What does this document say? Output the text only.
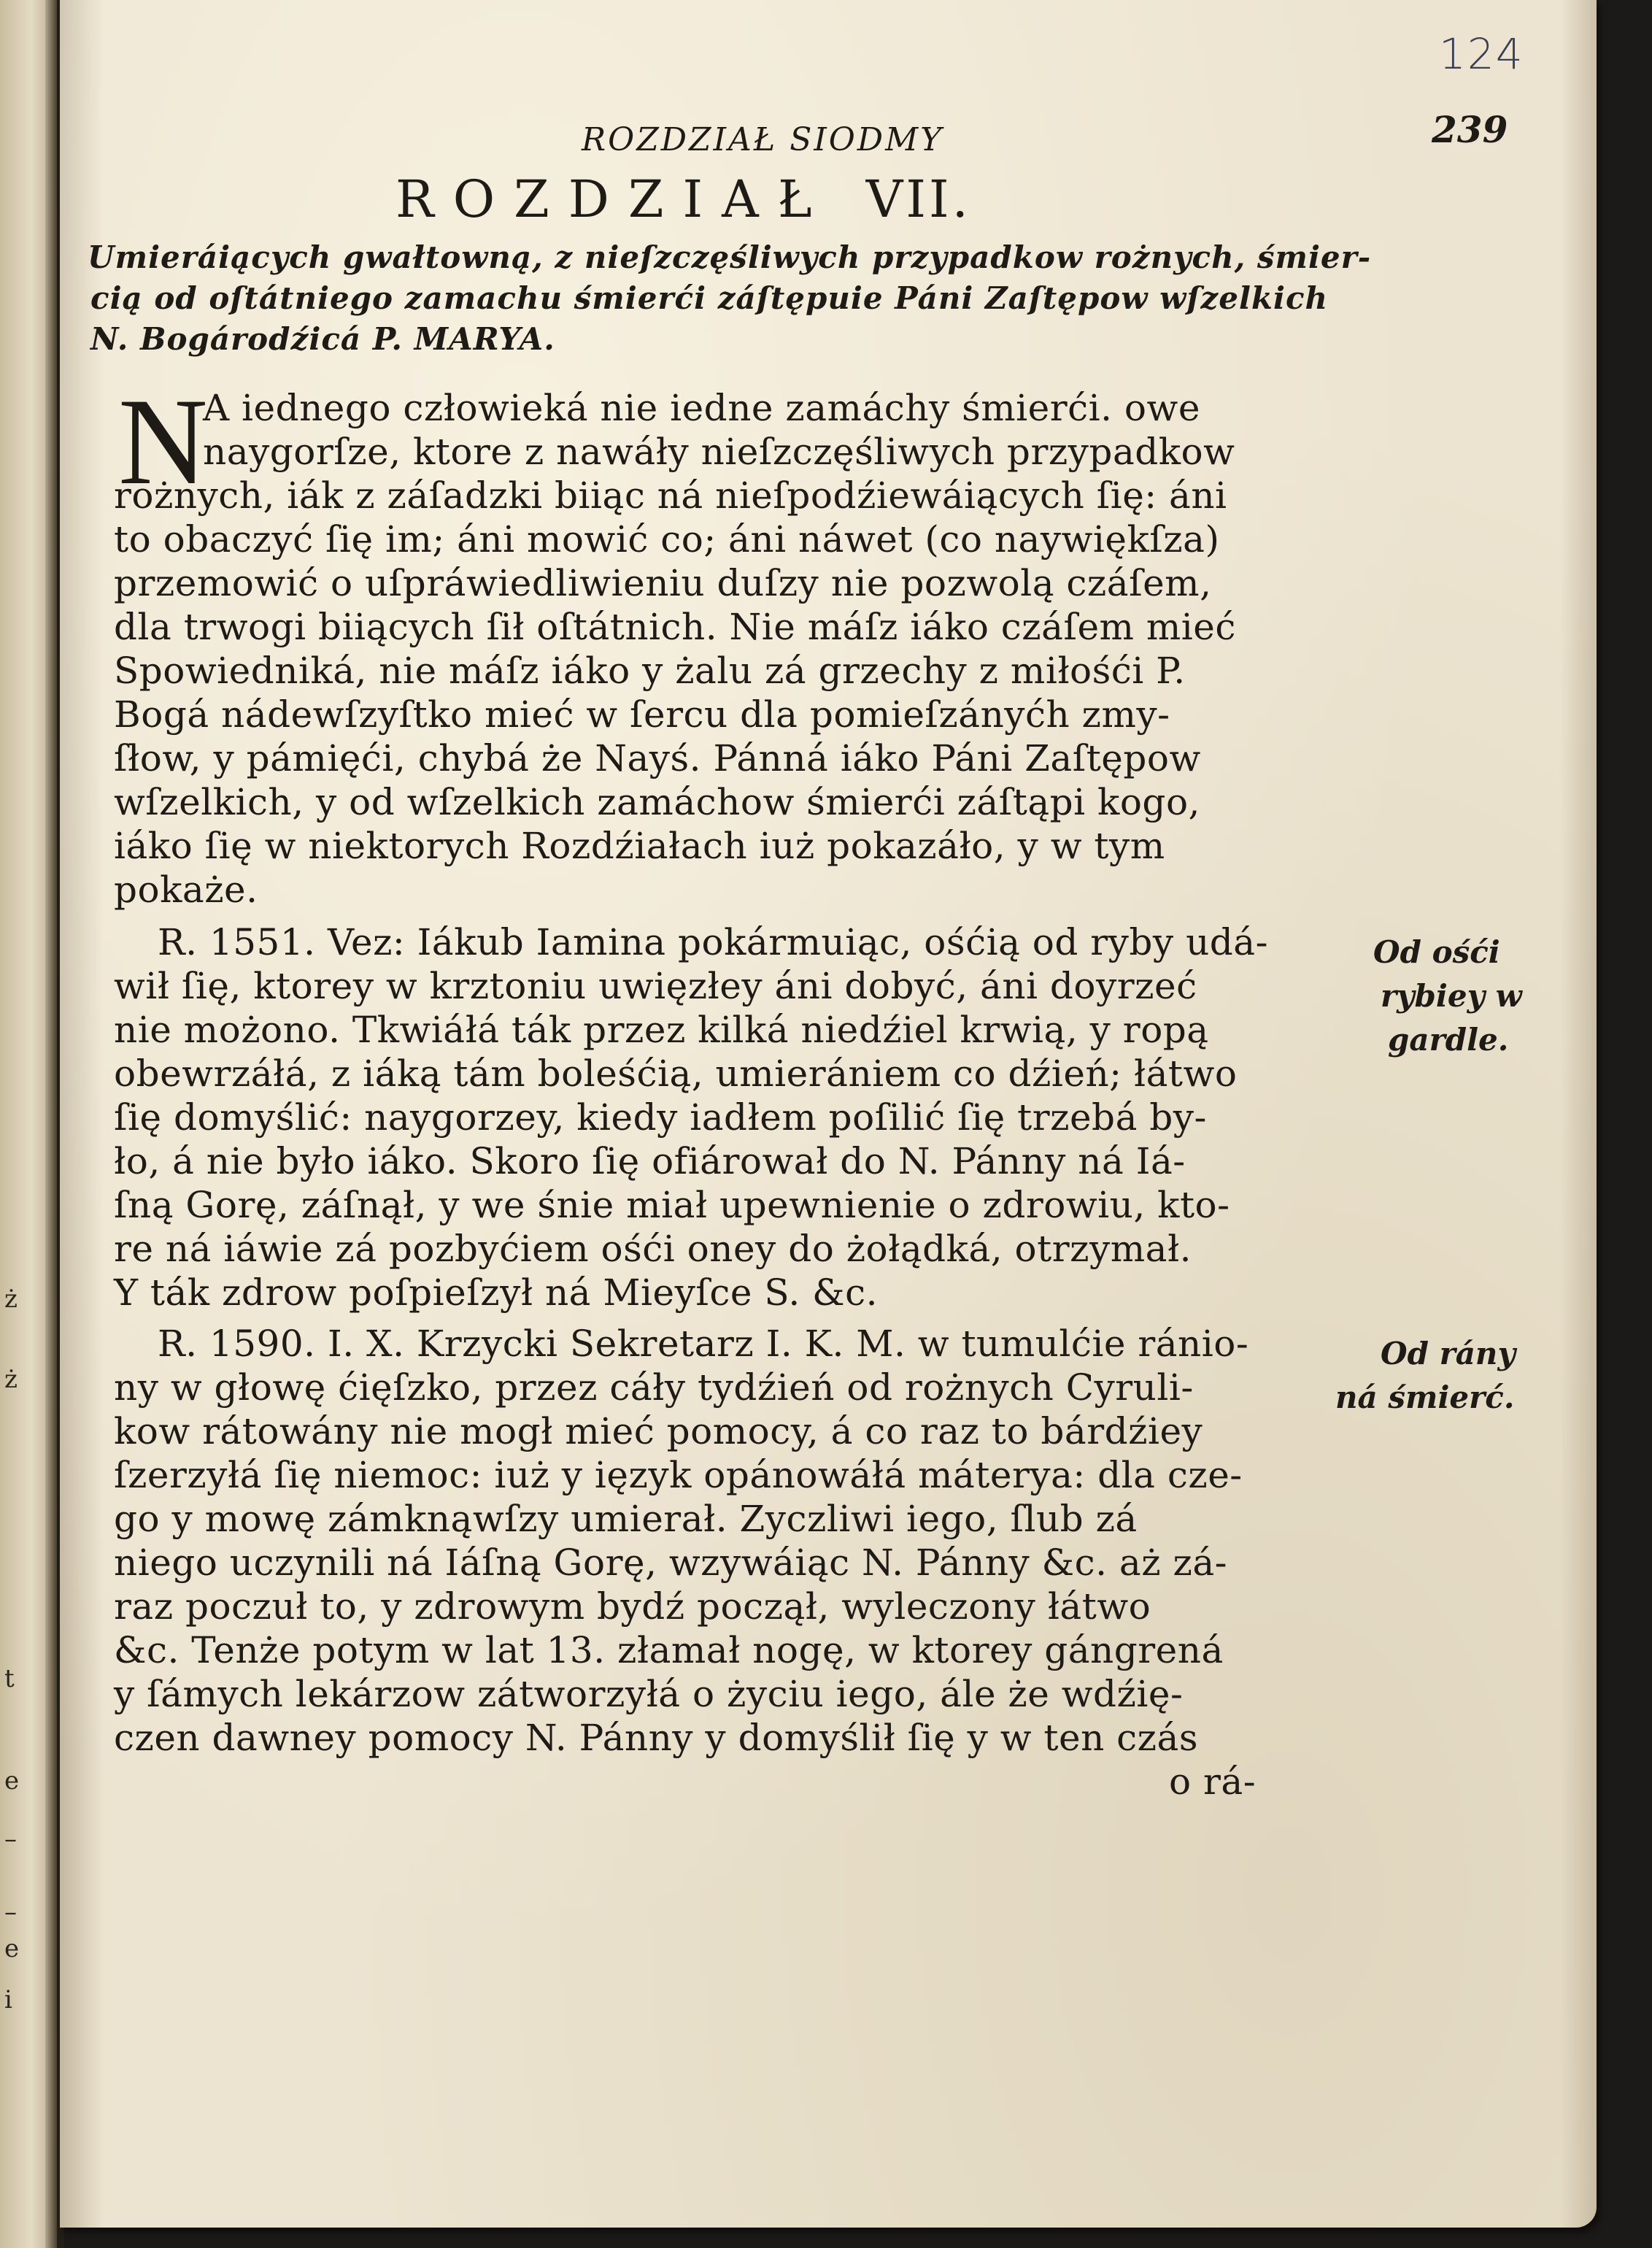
ż
ż
t
e
–
–
e
i
124
239
ROZDZIAŁ SIODMY
ROZDZIAŁ VII.
Umieráiących gwałtowną, z nieſzczęśliwych przypadkow rożnych, śmier-
cią od oſtátniego zamachu śmierći záſtępuie Páni Zaſtępow wſzelkich
N. Bogárodźicá P. MARYA.
N
A iednego człowieká nie iedne zamáchy śmierći. owe
naygorſze, ktore z nawáły nieſzczęśliwych przypadkow
rożnych, iák z záſadzki biiąc ná nieſpodźiewáiących ſię: áni
to obaczyć ſię im; áni mowić co; áni náwet (co naywiękſza)
przemowić o uſpráwiedliwieniu duſzy nie pozwolą czáſem,
dla trwogi biiących ſił oſtátnich. Nie máſz iáko czáſem mieć
Spowiedniká, nie máſz iáko y żalu zá grzechy z miłośći P.
Bogá nádewſzyſtko mieć w ſercu dla pomieſzányćh zmy-
ſłow, y pámięći, chybá że Nayś. Pánná iáko Páni Zaſtępow
wſzelkich, y od wſzelkich zamáchow śmierći záſtąpi kogo,
iáko ſię w niektorych Rozdźiałach iuż pokazáło, y w tym
pokaże.
R. 1551. Vez: Iákub Iamina pokármuiąc, ośćią od ryby udá-
wił ſię, ktorey w krztoniu uwięzłey áni dobyć, áni doyrzeć
nie możono. Tkwiáłá ták przez kilká niedźiel krwią, y ropą
obewrzáłá, z iáką tám boleśćią, umierániem co dźień; łátwo
ſię domyślić: naygorzey, kiedy iadłem poſilić ſię trzebá by-
ło, á nie było iáko. Skoro ſię ofiárował do N. Pánny ná Iá-
ſną Gorę, záſnął, y we śnie miał upewnienie o zdrowiu, kto-
re ná iáwie zá pozbyćiem ośći oney do żołądká, otrzymał.
Y ták zdrow poſpieſzył ná Mieyſce S. &c.
R. 1590. I. X. Krzycki Sekretarz I. K. M. w tumulćie ránio-
ny w głowę ćięſzko, przez cáły tydźień od rożnych Cyruli-
kow rátowány nie mogł mieć pomocy, á co raz to bárdźiey
ſzerzyłá ſię niemoc: iuż y ięzyk opánowáłá máterya: dla cze-
go y mowę zámknąwſzy umierał. Zyczliwi iego, ſlub zá
niego uczynili ná Iáſną Gorę, wzywáiąc N. Pánny &c. aż zá-
raz poczuł to, y zdrowym bydź począł, wyleczony łátwo
&c. Tenże potym w lat 13. złamał nogę, w ktorey gángrená
y ſámych lekárzow zátworzyłá o życiu iego, ále że wdźię-
czen dawney pomocy N. Pánny y domyślił ſię y w ten czás
o rá-
Od ośći
rybiey w
gardle.
Od rány
ná śmierć.
